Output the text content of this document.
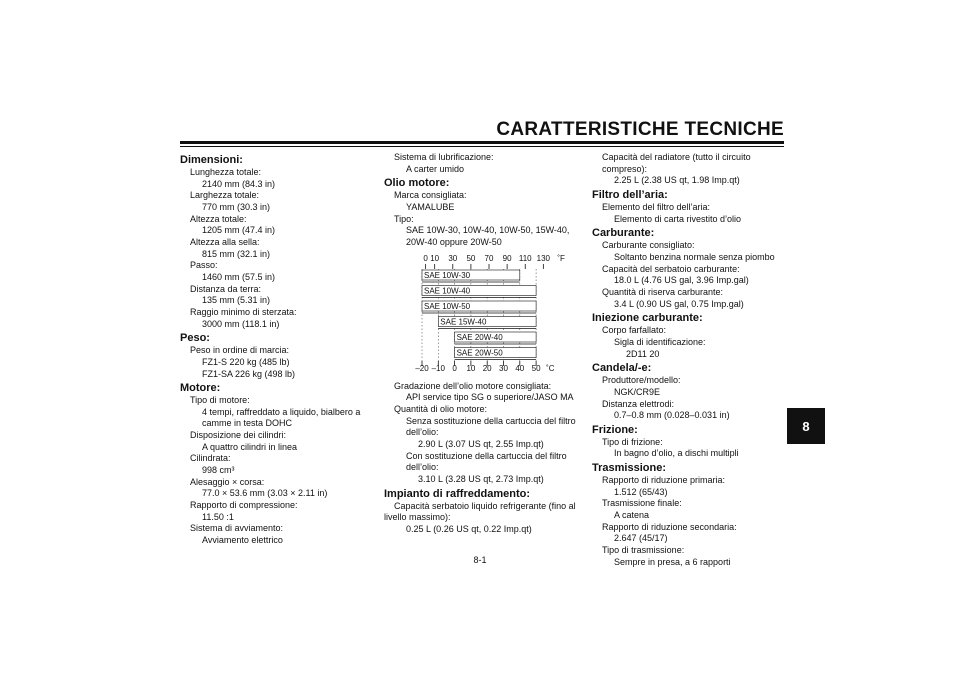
CARATTERISTICHE TECNICHE
8
Dimensioni:
Lunghezza totale:
2140 mm (84.3 in)
Larghezza totale:
770 mm (30.3 in)
Altezza totale:
1205 mm (47.4 in)
Altezza alla sella:
815 mm (32.1 in)
Passo:
1460 mm (57.5 in)
Distanza da terra:
135 mm (5.31 in)
Raggio minimo di sterzata:
3000 mm (118.1 in)
Peso:
Peso in ordine di marcia:
FZ1-S 220 kg (485 lb)
FZ1-SA 226 kg (498 lb)
Motore:
Tipo di motore:
4 tempi, raffreddato a liquido, bialbero a
camme in testa DOHC
Disposizione dei cilindri:
A quattro cilindri in linea
Cilindrata:
998 cm³
Alesaggio × corsa:
77.0 × 53.6 mm (3.03 × 2.11 in)
Rapporto di compressione:
11.50 :1
Sistema di avviamento:
Avviamento elettrico
Sistema di lubrificazione:
A carter umido
Olio motore:
Marca consigliata:
YAMALUBE
Tipo:
SAE 10W-30, 10W-40, 10W-50, 15W-40,
20W-40 oppure 20W-50
0 10 30 50 70 90 110 130 ˚F
–20 –10 0 10 20 30 40 50 ˚C
SAE 10W-30
SAE 10W-40
SAE 10W-50
SAE 15W-40
SAE 20W-40
SAE 20W-50
Gradazione dell’olio motore consigliata:
API service tipo SG o superiore/JASO MA
Quantità di olio motore:
Senza sostituzione della cartuccia del filtro
dell’olio:
2.90 L (3.07 US qt, 2.55 Imp.qt)
Con sostituzione della cartuccia del filtro
dell’olio:
3.10 L (3.28 US qt, 2.73 Imp.qt)
Impianto di raffreddamento:
Capacità serbatoio liquido refrigerante (fino al
livello massimo):
0.25 L (0.26 US qt, 0.22 Imp.qt)
Capacità del radiatore (tutto il circuito
compreso):
2.25 L (2.38 US qt, 1.98 Imp.qt)
Filtro dell’aria:
Elemento del filtro dell’aria:
Elemento di carta rivestito d’olio
Carburante:
Carburante consigliato:
Soltanto benzina normale senza piombo
Capacità del serbatoio carburante:
18.0 L (4.76 US gal, 3.96 Imp.gal)
Quantità di riserva carburante:
3.4 L (0.90 US gal, 0.75 Imp.gal)
Iniezione carburante:
Corpo farfallato:
Sigla di identificazione:
2D11 20
Candela/-e:
Produttore/modello:
NGK/CR9E
Distanza elettrodi:
0.7–0.8 mm (0.028–0.031 in)
Frizione:
Tipo di frizione:
In bagno d’olio, a dischi multipli
Trasmissione:
Rapporto di riduzione primaria:
1.512 (65/43)
Trasmissione finale:
A catena
Rapporto di riduzione secondaria:
2.647 (45/17)
Tipo di trasmissione:
Sempre in presa, a 6 rapporti
8-1
